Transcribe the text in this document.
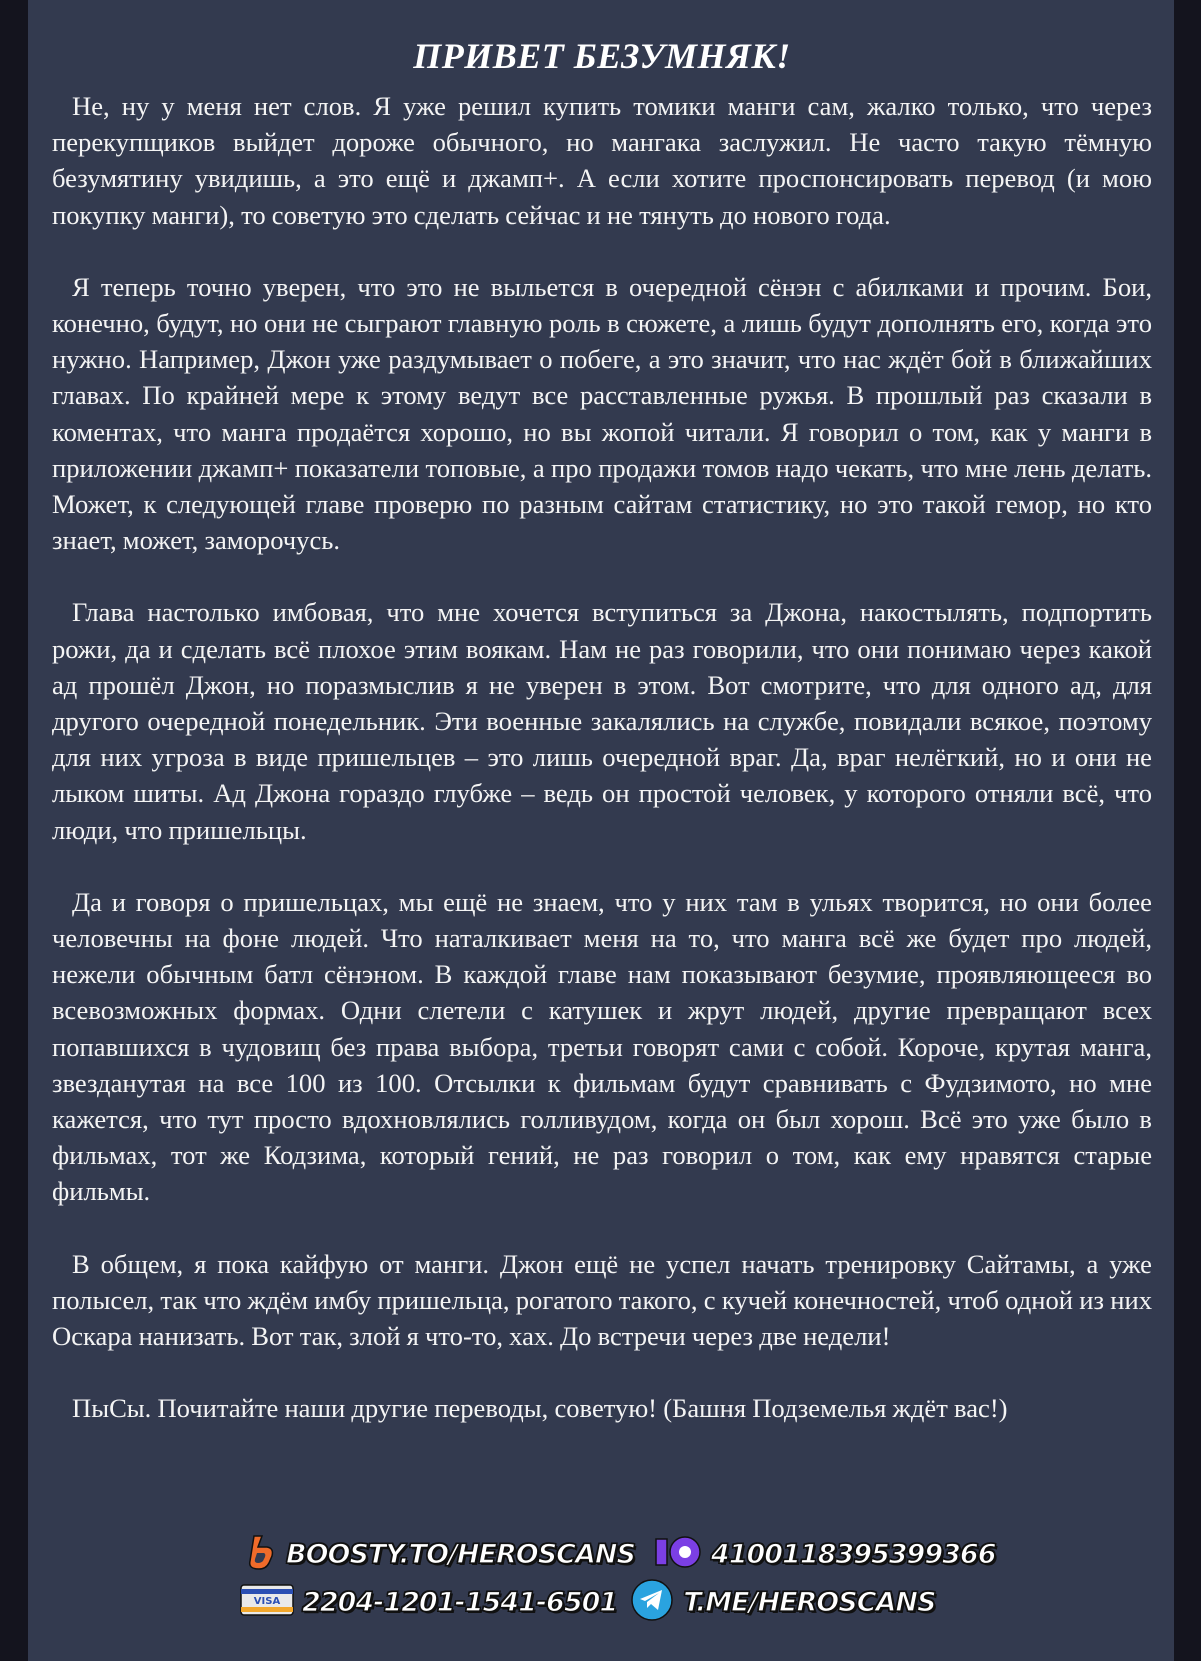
ПРИВЕТ БЕЗУМНЯК!

Не, ну у меня нет слов. Я уже решил купить томики манги сам, жалко только, что через перекупщиков выйдет дороже обычного, но мангака заслужил. Не часто такую тёмную безумятину увидишь, а это ещё и джамп+. А если хотите проспонсировать перевод (и мою покупку манги), то советую это сделать сейчас и не тянуть до нового года.

Я теперь точно уверен, что это не выльется в очередной сёнэн с абилками и прочим. Бои, конечно, будут, но они не сыграют главную роль в сюжете, а лишь будут дополнять его, когда это нужно. Например, Джон уже раздумывает о побеге, а это значит, что нас ждёт бой в ближайших главах. По крайней мере к этому ведут все расставленные ружья. В прошлый раз сказали в коментах, что манга продаётся хорошо, но вы жопой читали. Я говорил о том, как у манги в приложении джамп+ показатели топовые, а про продажи томов надо чекать, что мне лень делать. Может, к следующей главе проверю по разным сайтам статистику, но это такой гемор, но кто знает, может, заморочусь.

Глава настолько имбовая, что мне хочется вступиться за Джона, накостылять, подпортить рожи, да и сделать всё плохое этим воякам. Нам не раз говорили, что они понимаю через какой ад прошёл Джон, но поразмыслив я не уверен в этом. Вот смотрите, что для одного ад, для другого очередной понедельник. Эти военные закалялись на службе, повидали всякое, поэтому для них угроза в виде пришельцев – это лишь очередной враг. Да, враг нелёгкий, но и они не лыком шиты. Ад Джона гораздо глубже – ведь он простой человек, у которого отняли всё, что люди, что пришельцы.

Да и говоря о пришельцах, мы ещё не знаем, что у них там в ульях творится, но они более человечны на фоне людей. Что наталкивает меня на то, что манга всё же будет про людей, нежели обычным батл сёнэном. В каждой главе нам показывают безумие, проявляющееся во всевозможных формах. Одни слетели с катушек и жрут людей, другие превращают всех попавшихся в чудовищ без права выбора, третьи говорят сами с собой. Короче, крутая манга, звезданутая на все 100 из 100. Отсылки к фильмам будут сравнивать с Фудзимото, но мне кажется, что тут просто вдохновлялись голливудом, когда он был хорош. Всё это уже было в фильмах, тот же Кодзима, который гений, не раз говорил о том, как ему нравятся старые фильмы.

В общем, я пока кайфую от манги. Джон ещё не успел начать тренировку Сайтамы, а уже полысел, так что ждём имбу пришельца, рогатого такого, с кучей конечностей, чтоб одной из них Оскара нанизать. Вот так, злой я что-то, хах. До встречи через две недели!

ПыСы. Почитайте наши другие переводы, советую! (Башня Подземелья ждёт вас!)

BOOSTY.TO/HEROSCANS	4100118395399366
VISA 2204-1201-1541-6501 T.ME/HEROSCANS
